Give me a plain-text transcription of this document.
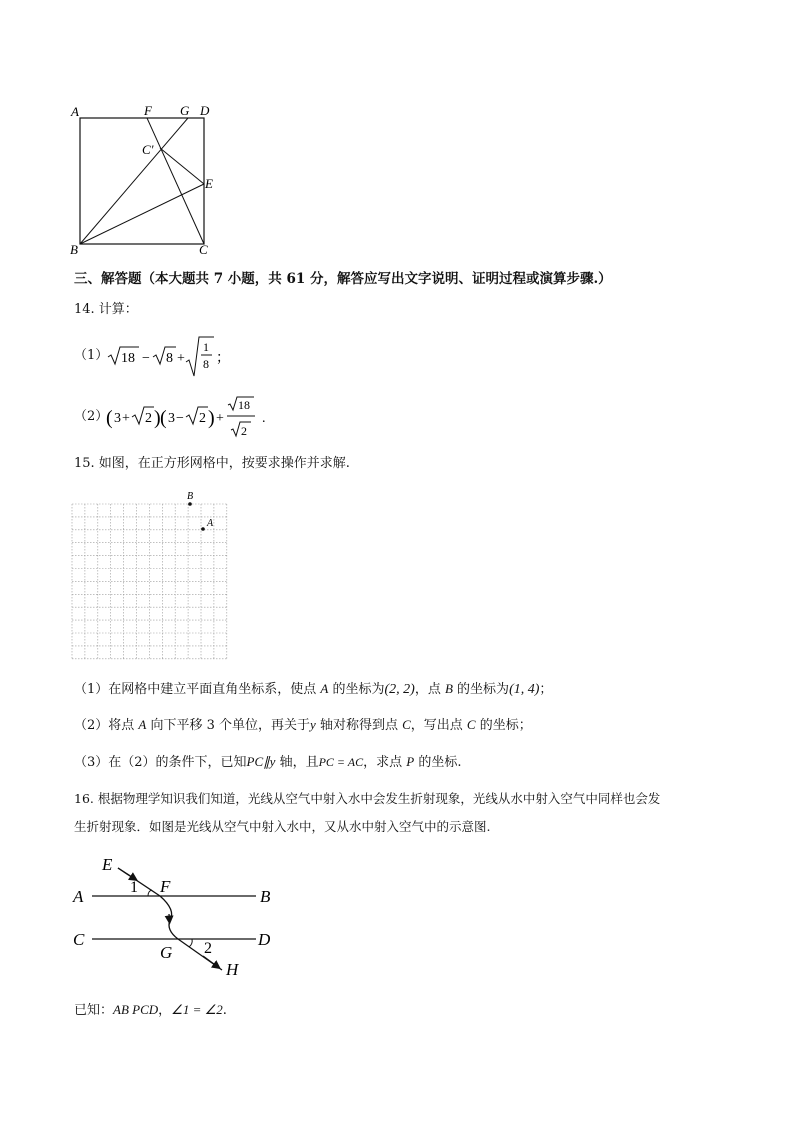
A	F G D
C'
E
B	C
三、解答题（本大题共 7 小题，共 61 分，解答应写出文字说明、证明过程或演算步骤.）
14. 计算：
（1） 18 − 8 +
1
8 ；
（2）
( 3 + 2 ) ( 3 − 2 ) +
18
2
.
15. 如图，在正方形网格中，按要求操作并求解.
B
A
（1）在网格中建立平面直角坐标系，使点 A 的坐标为(2, 2)，点 B 的坐标为(1, 4)；
（2）将点 A 向下平移 3 个单位，再关于y 轴对称得到点 C，写出点 C 的坐标；
（3）在（2）的条件下，已知PC∥y 轴，且PC = AC，求点 P 的坐标.
16. 根据物理学知识我们知道，光线从空气中射入水中会发生折射现象，光线从水中射入空气中同样也会发
生折射现象．如图是光线从空气中射入水中，又从水中射入空气中的示意图.
E
A	1 F
B
C	D
G 2
H
已知：AB PCD，∠1 = ∠2.
